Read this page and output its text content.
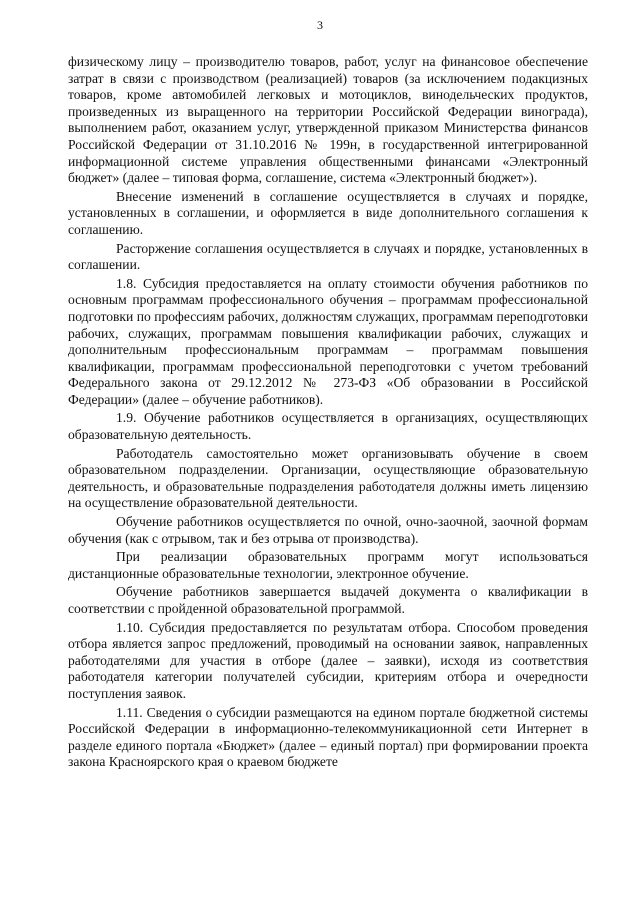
3

физическому лицу – производителю товаров, работ, услуг на финансовое обеспечение затрат в связи с производством (реализацией) товаров (за исключением подакцизных товаров, кроме автомобилей легковых и мотоциклов, винодельческих продуктов, произведенных из выращенного на территории Российской Федерации винограда), выполнением работ, оказанием услуг, утвержденной приказом Министерства финансов Российской Федерации от 31.10.2016 № 199н, в государственной интегрированной информационной системе управления общественными финансами «Электронный бюджет» (далее – типовая форма, соглашение, система «Электронный бюджет»).

Внесение изменений в соглашение осуществляется в случаях и порядке, установленных в соглашении, и оформляется в виде дополнительного соглашения к соглашению.

Расторжение соглашения осуществляется в случаях и порядке, установленных в соглашении.

1.8. Субсидия предоставляется на оплату стоимости обучения работников по основным программам профессионального обучения – программам профессиональной подготовки по профессиям рабочих, должностям служащих, программам переподготовки рабочих, служащих, программам повышения квалификации рабочих, служащих и дополнительным профессиональным программам – программам повышения квалификации, программам профессиональной переподготовки с учетом требований Федерального закона от 29.12.2012 № 273-ФЗ «Об образовании в Российской Федерации» (далее – обучение работников).

1.9. Обучение работников осуществляется в организациях, осуществляющих образовательную деятельность.

Работодатель самостоятельно может организовывать обучение в своем образовательном подразделении. Организации, осуществляющие образовательную деятельность, и образовательные подразделения работодателя должны иметь лицензию на осуществление образовательной деятельности.

Обучение работников осуществляется по очной, очно-заочной, заочной формам обучения (как с отрывом, так и без отрыва от производства).

При реализации образовательных программ могут использоваться дистанционные образовательные технологии, электронное обучение.

Обучение работников завершается выдачей документа о квалификации в соответствии с пройденной образовательной программой.

1.10. Субсидия предоставляется по результатам отбора. Способом проведения отбора является запрос предложений, проводимый на основании заявок, направленных работодателями для участия в отборе (далее – заявки), исходя из соответствия работодателя категории получателей субсидии, критериям отбора и очередности поступления заявок.

1.11. Сведения о субсидии размещаются на едином портале бюджетной системы Российской Федерации в информационно-телекоммуникационной сети Интернет в разделе единого портала «Бюджет» (далее – единый портал) при формировании проекта закона Красноярского края о краевом бюджете
